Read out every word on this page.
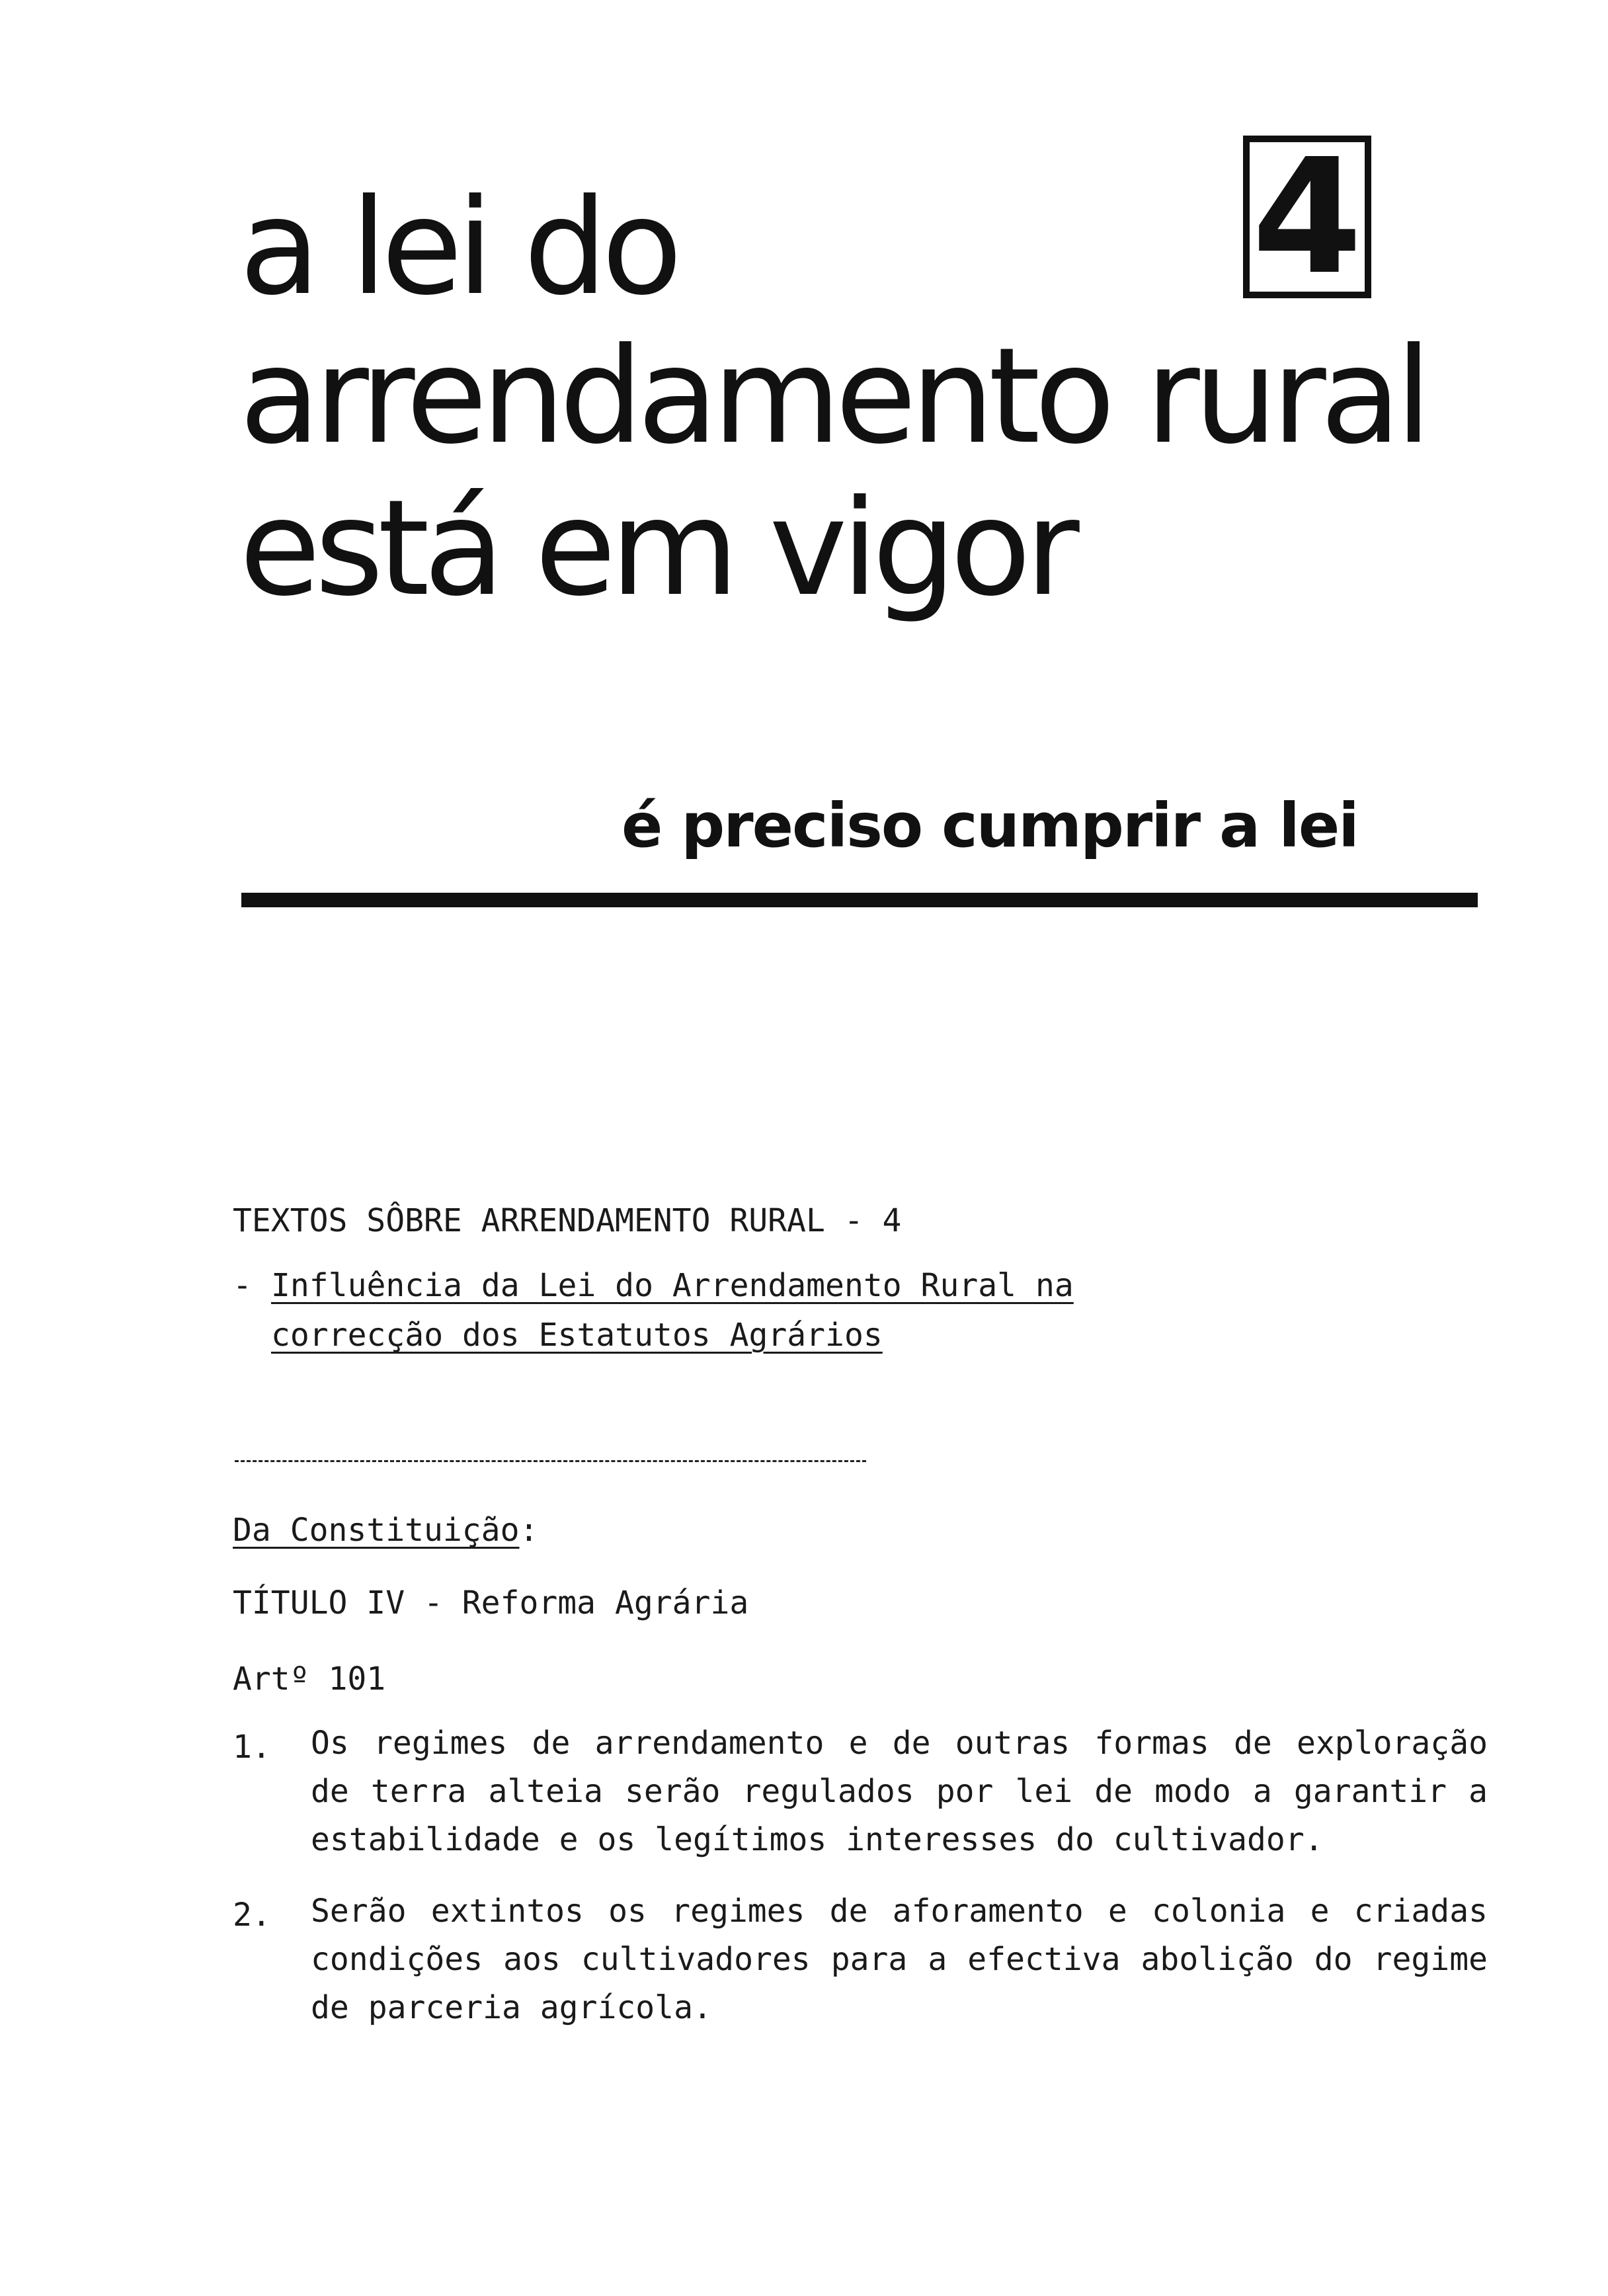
a lei do
arrendamento rural
está em vigor
4
é preciso cumprir a lei

TEXTOS SÔBRE ARRENDAMENTO RURAL - 4

- Influência da Lei do Arrendamento Rural na

correcção dos Estatutos Agrários

Da Constituição:

TÍTULO IV - Reforma Agrária

Artº 101

1. Os regimes de arrendamento e de outras formas de exploração de terra alteia serão regulados por lei de modo a garantir a estabilidade e os legítimos interesses do cultivador.

2. Serão extintos os regimes de aforamento e colonia e criadas condições aos cultivadores para a efectiva abolição do regime de parceria agrícola.
